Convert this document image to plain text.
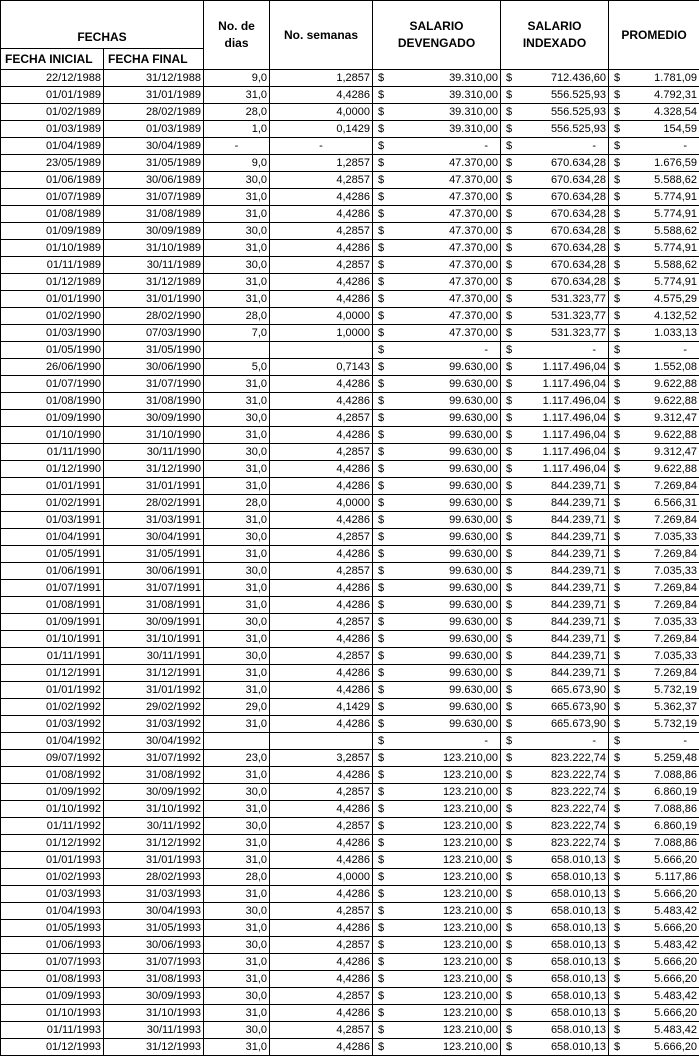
FECHAS		No. de dias	No. semanas	SALARIO DEVENGADO	SALARIO INDEXADO	PROMEDIO
FECHA INICIAL	FECHA FINAL					
22/12/1988	31/12/1988	9,0	1,2857	$ 39.310,00	$ 712.436,60	$ 1.781,09

01/01/1989	31/01/1989	31,0	4,4286	$ 39.310,00	$ 556.525,93	$ 4.792,31

01/02/1989	28/02/1989	28,0	4,0000	$ 39.310,00	$ 556.525,93	$ 4.328,54

01/03/1989	01/03/1989	1,0	0,1429	$ 39.310,00	$ 556.525,93	$ 154,59

01/04/1989	30/04/1989	-	-	$ -	$ -	$ -

23/05/1989	31/05/1989	9,0	1,2857	$ 47.370,00	$ 670.634,28	$ 1.676,59

01/06/1989	30/06/1989	30,0	4,2857	$ 47.370,00	$ 670.634,28	$ 5.588,62

01/07/1989	31/07/1989	31,0	4,4286	$ 47.370,00	$ 670.634,28	$ 5.774,91

01/08/1989	31/08/1989	31,0	4,4286	$ 47.370,00	$ 670.634,28	$ 5.774,91

01/09/1989	30/09/1989	30,0	4,2857	$ 47.370,00	$ 670.634,28	$ 5.588,62

01/10/1989	31/10/1989	31,0	4,4286	$ 47.370,00	$ 670.634,28	$ 5.774,91

01/11/1989	30/11/1989	30,0	4,2857	$ 47.370,00	$ 670.634,28	$ 5.588,62

01/12/1989	31/12/1989	31,0	4,4286	$ 47.370,00	$ 670.634,28	$ 5.774,91

01/01/1990	31/01/1990	31,0	4,4286	$ 47.370,00	$ 531.323,77	$ 4.575,29

01/02/1990	28/02/1990	28,0	4,0000	$ 47.370,00	$ 531.323,77	$ 4.132,52

01/03/1990	07/03/1990	7,0	1,0000	$ 47.370,00	$ 531.323,77	$ 1.033,13

01/05/1990	31/05/1990			$ -	$ -	$ -

26/06/1990	30/06/1990	5,0	0,7143	$ 99.630,00	$ 1.117.496,04	$ 1.552,08

01/07/1990	31/07/1990	31,0	4,4286	$ 99.630,00	$ 1.117.496,04	$ 9.622,88

01/08/1990	31/08/1990	31,0	4,4286	$ 99.630,00	$ 1.117.496,04	$ 9.622,88

01/09/1990	30/09/1990	30,0	4,2857	$ 99.630,00	$ 1.117.496,04	$ 9.312,47

01/10/1990	31/10/1990	31,0	4,4286	$ 99.630,00	$ 1.117.496,04	$ 9.622,88

01/11/1990	30/11/1990	30,0	4,2857	$ 99.630,00	$ 1.117.496,04	$ 9.312,47

01/12/1990	31/12/1990	31,0	4,4286	$ 99.630,00	$ 1.117.496,04	$ 9.622,88

01/01/1991	31/01/1991	31,0	4,4286	$ 99.630,00	$ 844.239,71	$ 7.269,84

01/02/1991	28/02/1991	28,0	4,0000	$ 99.630,00	$ 844.239,71	$ 6.566,31

01/03/1991	31/03/1991	31,0	4,4286	$ 99.630,00	$ 844.239,71	$ 7.269,84

01/04/1991	30/04/1991	30,0	4,2857	$ 99.630,00	$ 844.239,71	$ 7.035,33

01/05/1991	31/05/1991	31,0	4,4286	$ 99.630,00	$ 844.239,71	$ 7.269,84

01/06/1991	30/06/1991	30,0	4,2857	$ 99.630,00	$ 844.239,71	$ 7.035,33

01/07/1991	31/07/1991	31,0	4,4286	$ 99.630,00	$ 844.239,71	$ 7.269,84

01/08/1991	31/08/1991	31,0	4,4286	$ 99.630,00	$ 844.239,71	$ 7.269,84

01/09/1991	30/09/1991	30,0	4,2857	$ 99.630,00	$ 844.239,71	$ 7.035,33

01/10/1991	31/10/1991	31,0	4,4286	$ 99.630,00	$ 844.239,71	$ 7.269,84

01/11/1991	30/11/1991	30,0	4,2857	$ 99.630,00	$ 844.239,71	$ 7.035,33

01/12/1991	31/12/1991	31,0	4,4286	$ 99.630,00	$ 844.239,71	$ 7.269,84

01/01/1992	31/01/1992	31,0	4,4286	$ 99.630,00	$ 665.673,90	$ 5.732,19

01/02/1992	29/02/1992	29,0	4,1429	$ 99.630,00	$ 665.673,90	$ 5.362,37

01/03/1992	31/03/1992	31,0	4,4286	$ 99.630,00	$ 665.673,90	$ 5.732,19

01/04/1992	30/04/1992			$ -	$ -	$ -

09/07/1992	31/07/1992	23,0	3,2857	$ 123.210,00	$ 823.222,74	$ 5.259,48

01/08/1992	31/08/1992	31,0	4,4286	$ 123.210,00	$ 823.222,74	$ 7.088,86

01/09/1992	30/09/1992	30,0	4,2857	$ 123.210,00	$ 823.222,74	$ 6.860,19

01/10/1992	31/10/1992	31,0	4,4286	$ 123.210,00	$ 823.222,74	$ 7.088,86

01/11/1992	30/11/1992	30,0	4,2857	$ 123.210,00	$ 823.222,74	$ 6.860,19

01/12/1992	31/12/1992	31,0	4,4286	$ 123.210,00	$ 823.222,74	$ 7.088,86

01/01/1993	31/01/1993	31,0	4,4286	$ 123.210,00	$ 658.010,13	$ 5.666,20

01/02/1993	28/02/1993	28,0	4,0000	$ 123.210,00	$ 658.010,13	$ 5.117,86

01/03/1993	31/03/1993	31,0	4,4286	$ 123.210,00	$ 658.010,13	$ 5.666,20

01/04/1993	30/04/1993	30,0	4,2857	$ 123.210,00	$ 658.010,13	$ 5.483,42

01/05/1993	31/05/1993	31,0	4,4286	$ 123.210,00	$ 658.010,13	$ 5.666,20

01/06/1993	30/06/1993	30,0	4,2857	$ 123.210,00	$ 658.010,13	$ 5.483,42

01/07/1993	31/07/1993	31,0	4,4286	$ 123.210,00	$ 658.010,13	$ 5.666,20

01/08/1993	31/08/1993	31,0	4,4286	$ 123.210,00	$ 658.010,13	$ 5.666,20

01/09/1993	30/09/1993	30,0	4,2857	$ 123.210,00	$ 658.010,13	$ 5.483,42

01/10/1993	31/10/1993	31,0	4,4286	$ 123.210,00	$ 658.010,13	$ 5.666,20

01/11/1993	30/11/1993	30,0	4,2857	$ 123.210,00	$ 658.010,13	$ 5.483,42

01/12/1993	31/12/1993	31,0	4,4286	$ 123.210,00	$ 658.010,13	$ 5.666,20
